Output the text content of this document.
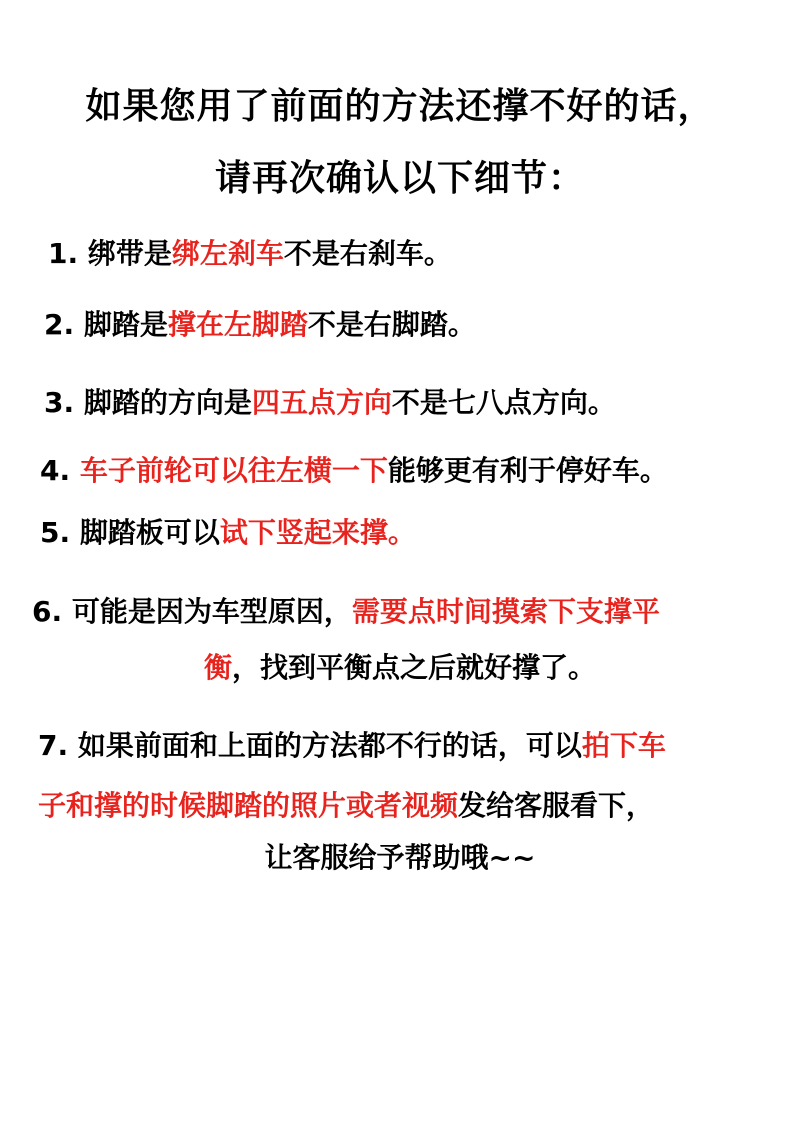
如果您用了前面的方法还撑不好的话，
请再次确认以下细节：
1. 绑带是绑左刹车不是右刹车。
2. 脚踏是撑在左脚踏不是右脚踏。
3. 脚踏的方向是四五点方向不是七八点方向。
4. 车子前轮可以往左横一下能够更有利于停好车。
5. 脚踏板可以试下竖起来撑。
6. 可能是因为车型原因，需要点时间摸索下支撑平
衡，找到平衡点之后就好撑了。
7. 如果前面和上面的方法都不行的话，可以拍下车
子和撑的时候脚踏的照片或者视频发给客服看下，
让客服给予帮助哦~~
